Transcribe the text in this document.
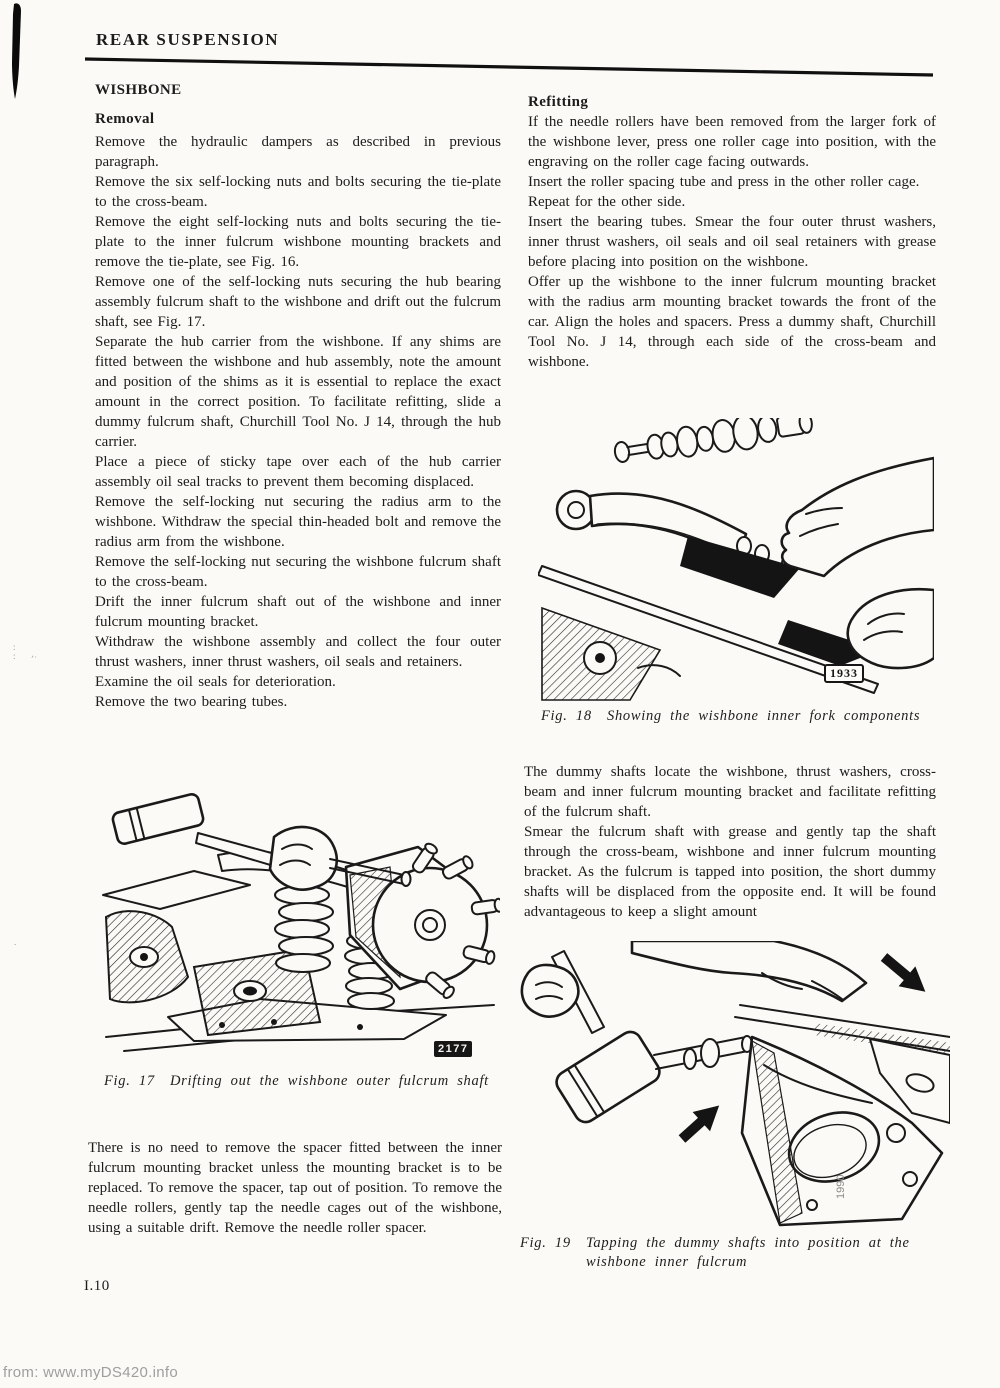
REAR SUSPENSION
WISHBONE
Removal

Remove the hydraulic dampers as described in previous paragraph.

Remove the six self-locking nuts and bolts securing the tie-plate to the cross-beam.

Remove the eight self-locking nuts and bolts securing the tie-plate to the inner fulcrum wishbone mounting brackets and remove the tie-plate, see Fig. 16.

Remove one of the self-locking nuts securing the hub bearing assembly fulcrum shaft to the wishbone and drift out the fulcrum shaft, see Fig. 17.

Separate the hub carrier from the wishbone. If any shims are fitted between the wishbone and hub assembly, note the amount and position of the shims as it is essential to replace the exact amount in the correct position. To facilitate refitting, slide a dummy fulcrum shaft, Churchill Tool No. J 14, through the hub carrier.

Place a piece of sticky tape over each of the hub carrier assembly oil seal tracks to prevent them becoming displaced.

Remove the self-locking nut securing the radius arm to the wishbone. Withdraw the special thin-headed bolt and remove the radius arm from the wishbone.

Remove the self-locking nut securing the wishbone fulcrum shaft to the cross-beam.

Drift the inner fulcrum shaft out of the wishbone and inner fulcrum mounting bracket.

Withdraw the wishbone assembly and collect the four outer thrust washers, inner thrust washers, oil seals and retainers.

Examine the oil seals for deterioration.

Remove the two bearing tubes.

Refitting

If the needle rollers have been removed from the larger fork of the wishbone lever, press one roller cage into position, with the engraving on the roller cage facing outwards.

Insert the roller spacing tube and press in the other roller cage.

Repeat for the other side.

Insert the bearing tubes. Smear the four outer thrust washers, inner thrust washers, oil seals and oil seal retainers with grease before placing into position on the wishbone.

Offer up the wishbone to the inner fulcrum mounting bracket with the radius arm mounting bracket towards the front of the car. Align the holes and spacers. Press a dummy shaft, Churchill Tool No. J 14, through each side of the cross-beam and wishbone.

1933
Fig. 18	Showing the wishbone inner fork components

The dummy shafts locate the wishbone, thrust washers, cross-beam and inner fulcrum mounting bracket and facilitate refitting of the fulcrum shaft.

Smear the fulcrum shaft with grease and gently tap the shaft through the cross-beam, wishbone and inner fulcrum mounting bracket. As the fulcrum is tapped into position, the short dummy shafts will be displaced from the opposite end. It will be found advantageous to keep a slight amount

2177
Fig. 17	Drifting out the wishbone outer fulcrum shaft

There is no need to remove the spacer fitted between the inner fulcrum mounting bracket unless the mounting bracket is to be replaced. To remove the spacer, tap out of position. To remove the needle rollers, gently tap the needle cages out of the wishbone, using a suitable drift. Remove the needle roller spacer.

1990
Fig. 19	Tapping the dummy shafts into position at the wishbone inner fulcrum
I.10
:
: ʼʿ
.
from: www.myDS420.info
